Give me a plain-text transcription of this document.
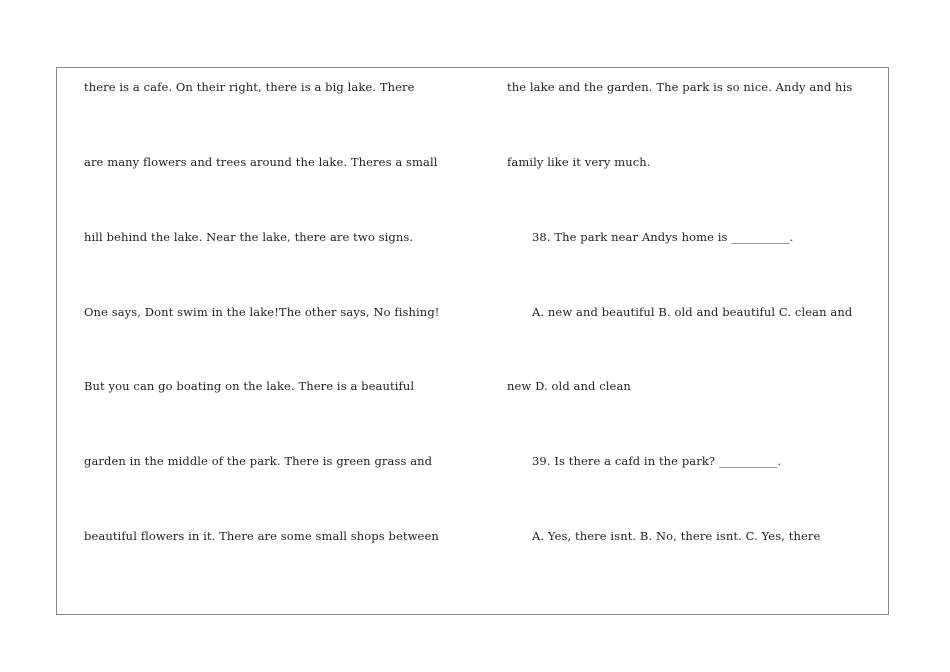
there is a cafe. On their right, there is a big lake. There
are many flowers and trees around the lake. Theres a small
hill behind the lake. Near the lake, there are two signs.
One says, Dont swim in the lake!The other says, No fishing!
But you can go boating on the lake. There is a beautiful
garden in the middle of the park. There is green grass and
beautiful flowers in it. There are some small shops between
the lake and the garden. The park is so nice. Andy and his
family like it very much.
38. The park near Andys home is __________.
A. new and beautiful B. old and beautiful C. clean and
new D. old and clean
39. Is there a cafd in the park? __________.
A. Yes, there isnt. B. No, there isnt. C. Yes, there
